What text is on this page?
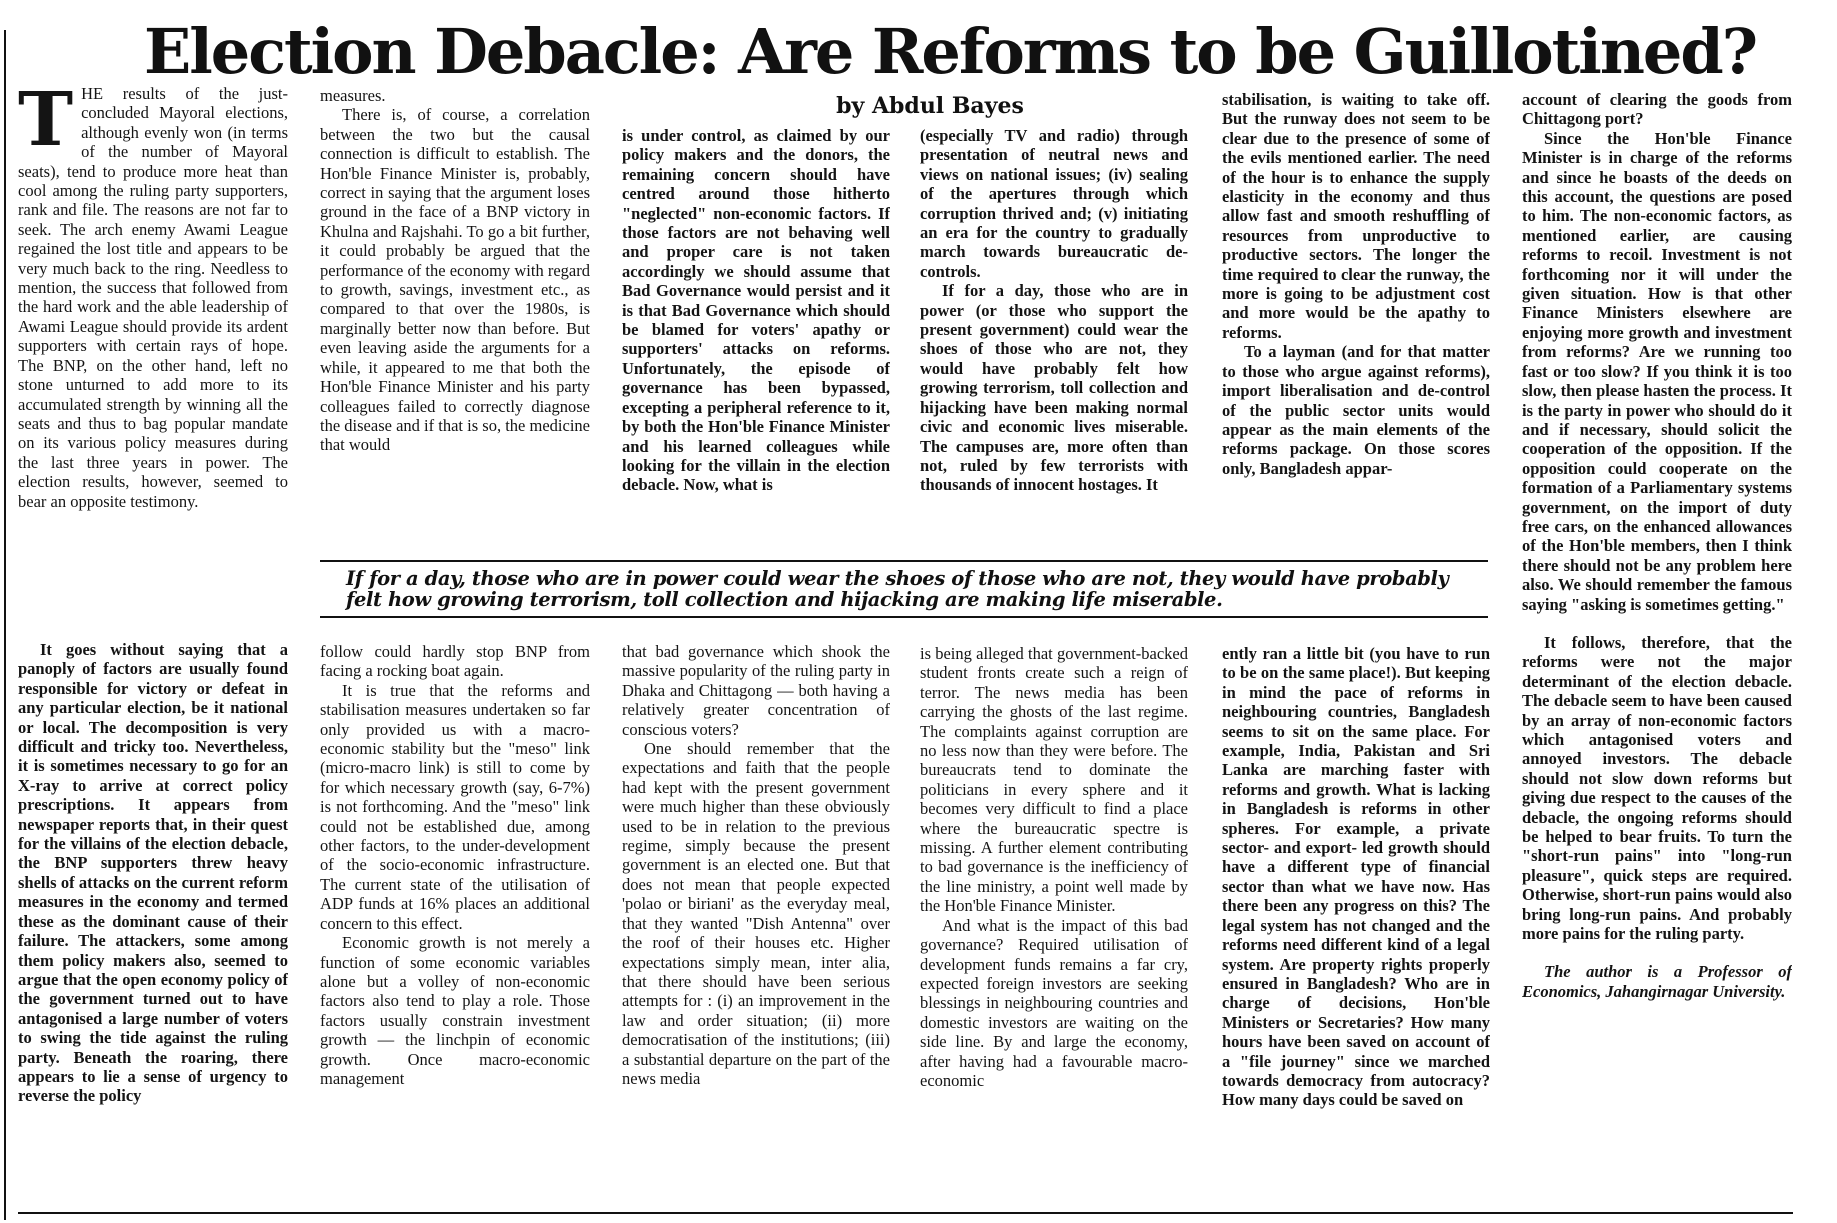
Election Debacle: Are Reforms to be Guillotined?
by Abdul Bayes

THE results of the just-concluded Mayoral elections, although evenly won (in terms of the number of Mayoral seats), tend to produce more heat than cool among the ruling party supporters, rank and file. The reasons are not far to seek. The arch enemy Awami League regained the lost title and appears to be very much back to the ring. Needless to mention, the success that followed from the hard work and the able leadership of Awami League should provide its ardent supporters with certain rays of hope. The BNP, on the other hand, left no stone unturned to add more to its accumulated strength by winning all the seats and thus to bag popular mandate on its various policy measures during the last three years in power. The election results, however, seemed to bear an opposite testimony.

measures.

There is, of course, a correlation between the two but the causal connection is difficult to establish. The Hon'ble Finance Minister is, probably, correct in saying that the argument loses ground in the face of a BNP victory in Khulna and Rajshahi. To go a bit further, it could probably be argued that the performance of the economy with regard to growth, savings, investment etc., as compared to that over the 1980s, is marginally better now than before. But even leaving aside the arguments for a while, it appeared to me that both the Hon'ble Finance Minister and his party colleagues failed to correctly diagnose the disease and if that is so, the medicine that would

is under control, as claimed by our policy makers and the donors, the remaining concern should have centred around those hitherto "neglected" non-economic factors. If those factors are not behaving well and proper care is not taken accordingly we should assume that Bad Governance would persist and it is that Bad Governance which should be blamed for voters' apathy or supporters' attacks on reforms. Unfortunately, the episode of governance has been bypassed, excepting a peripheral reference to it, by both the Hon'ble Finance Minister and his learned colleagues while looking for the villain in the election debacle. Now, what is

(especially TV and radio) through presentation of neutral news and views on national issues; (iv) sealing of the apertures through which corruption thrived and; (v) initiating an era for the country to gradually march towards bureaucratic de-controls.

If for a day, those who are in power (or those who support the present government) could wear the shoes of those who are not, they would have probably felt how growing terrorism, toll collection and hijacking have been making normal civic and economic lives miserable. The campuses are, more often than not, ruled by few terrorists with thousands of innocent hostages. It

stabilisation, is waiting to take off. But the runway does not seem to be clear due to the presence of some of the evils mentioned earlier. The need of the hour is to enhance the supply elasticity in the economy and thus allow fast and smooth reshuffling of resources from unproductive to productive sectors. The longer the time required to clear the runway, the more is going to be adjustment cost and more would be the apathy to reforms.

To a layman (and for that matter to those who argue against reforms), import liberalisation and de-control of the public sector units would appear as the main elements of the reforms package. On those scores only, Bangladesh appar-

account of clearing the goods from Chittagong port?

Since the Hon'ble Finance Minister is in charge of the reforms and since he boasts of the deeds on this account, the questions are posed to him. The non-economic factors, as mentioned earlier, are causing reforms to recoil. Investment is not forthcoming nor it will under the given situation. How is that other Finance Ministers elsewhere are enjoying more growth and investment from reforms? Are we running too fast or too slow? If you think it is too slow, then please hasten the process. It is the party in power who should do it and if necessary, should solicit the cooperation of the opposition. If the opposition could cooperate on the formation of a Parliamentary systems government, on the import of duty free cars, on the enhanced allowances of the Hon'ble members, then I think there should not be any problem here also. We should remember the famous saying "asking is sometimes getting."

It follows, therefore, that the reforms were not the major determinant of the election debacle. The debacle seem to have been caused by an array of non-economic factors which antagonised voters and annoyed investors. The debacle should not slow down reforms but giving due respect to the causes of the debacle, the ongoing reforms should be helped to bear fruits. To turn the "short-run pains" into "long-run pleasure", quick steps are required. Otherwise, short-run pains would also bring long-run pains. And probably more pains for the ruling party.

The author is a Professor of Economics, Jahangirnagar University.

If for a day, those who are in power could wear the shoes of those who are not, they would have probably felt how growing terrorism, toll collection and hijacking are making life miserable.

It goes without saying that a panoply of factors are usually found responsible for victory or defeat in any particular election, be it national or local. The decomposition is very difficult and tricky too. Nevertheless, it is sometimes necessary to go for an X-ray to arrive at correct policy prescriptions. It appears from newspaper reports that, in their quest for the villains of the election debacle, the BNP supporters threw heavy shells of attacks on the current reform measures in the economy and termed these as the dominant cause of their failure. The attackers, some among them policy makers also, seemed to argue that the open economy policy of the government turned out to have antagonised a large number of voters to swing the tide against the ruling party. Beneath the roaring, there appears to lie a sense of urgency to reverse the policy

follow could hardly stop BNP from facing a rocking boat again.

It is true that the reforms and stabilisation measures undertaken so far only provided us with a macro-economic stability but the "meso" link (micro-macro link) is still to come by for which necessary growth (say, 6-7%) is not forthcoming. And the "meso" link could not be established due, among other factors, to the under-development of the socio-economic infrastructure. The current state of the utilisation of ADP funds at 16% places an additional concern to this effect.

Economic growth is not merely a function of some economic variables alone but a volley of non-economic factors also tend to play a role. Those factors usually constrain investment growth — the linchpin of economic growth. Once macro-economic management

that bad governance which shook the massive popularity of the ruling party in Dhaka and Chittagong — both having a relatively greater concentration of conscious voters?

One should remember that the expectations and faith that the people had kept with the present government were much higher than these obviously used to be in relation to the previous regime, simply because the present government is an elected one. But that does not mean that people expected 'polao or biriani' as the everyday meal, that they wanted "Dish Antenna" over the roof of their houses etc. Higher expectations simply mean, inter alia, that there should have been serious attempts for : (i) an improvement in the law and order situation; (ii) more democratisation of the institutions; (iii) a substantial departure on the part of the news media

is being alleged that government-backed student fronts create such a reign of terror. The news media has been carrying the ghosts of the last regime. The complaints against corruption are no less now than they were before. The bureaucrats tend to dominate the politicians in every sphere and it becomes very difficult to find a place where the bureaucratic spectre is missing. A further element contributing to bad governance is the inefficiency of the line ministry, a point well made by the Hon'ble Finance Minister.

And what is the impact of this bad governance? Required utilisation of development funds remains a far cry, expected foreign investors are seeking blessings in neighbouring countries and domestic investors are waiting on the side line. By and large the economy, after having had a favourable macro-economic

ently ran a little bit (you have to run to be on the same place!). But keeping in mind the pace of reforms in neighbouring countries, Bangladesh seems to sit on the same place. For example, India, Pakistan and Sri Lanka are marching faster with reforms and growth. What is lacking in Bangladesh is reforms in other spheres. For example, a private sector- and export- led growth should have a different type of financial sector than what we have now. Has there been any progress on this? The legal system has not changed and the reforms need different kind of a legal system. Are property rights properly ensured in Bangladesh? Who are in charge of decisions, Hon'ble Ministers or Secretaries? How many hours have been saved on account of a "file journey" since we marched towards democracy from autocracy? How many days could be saved on
